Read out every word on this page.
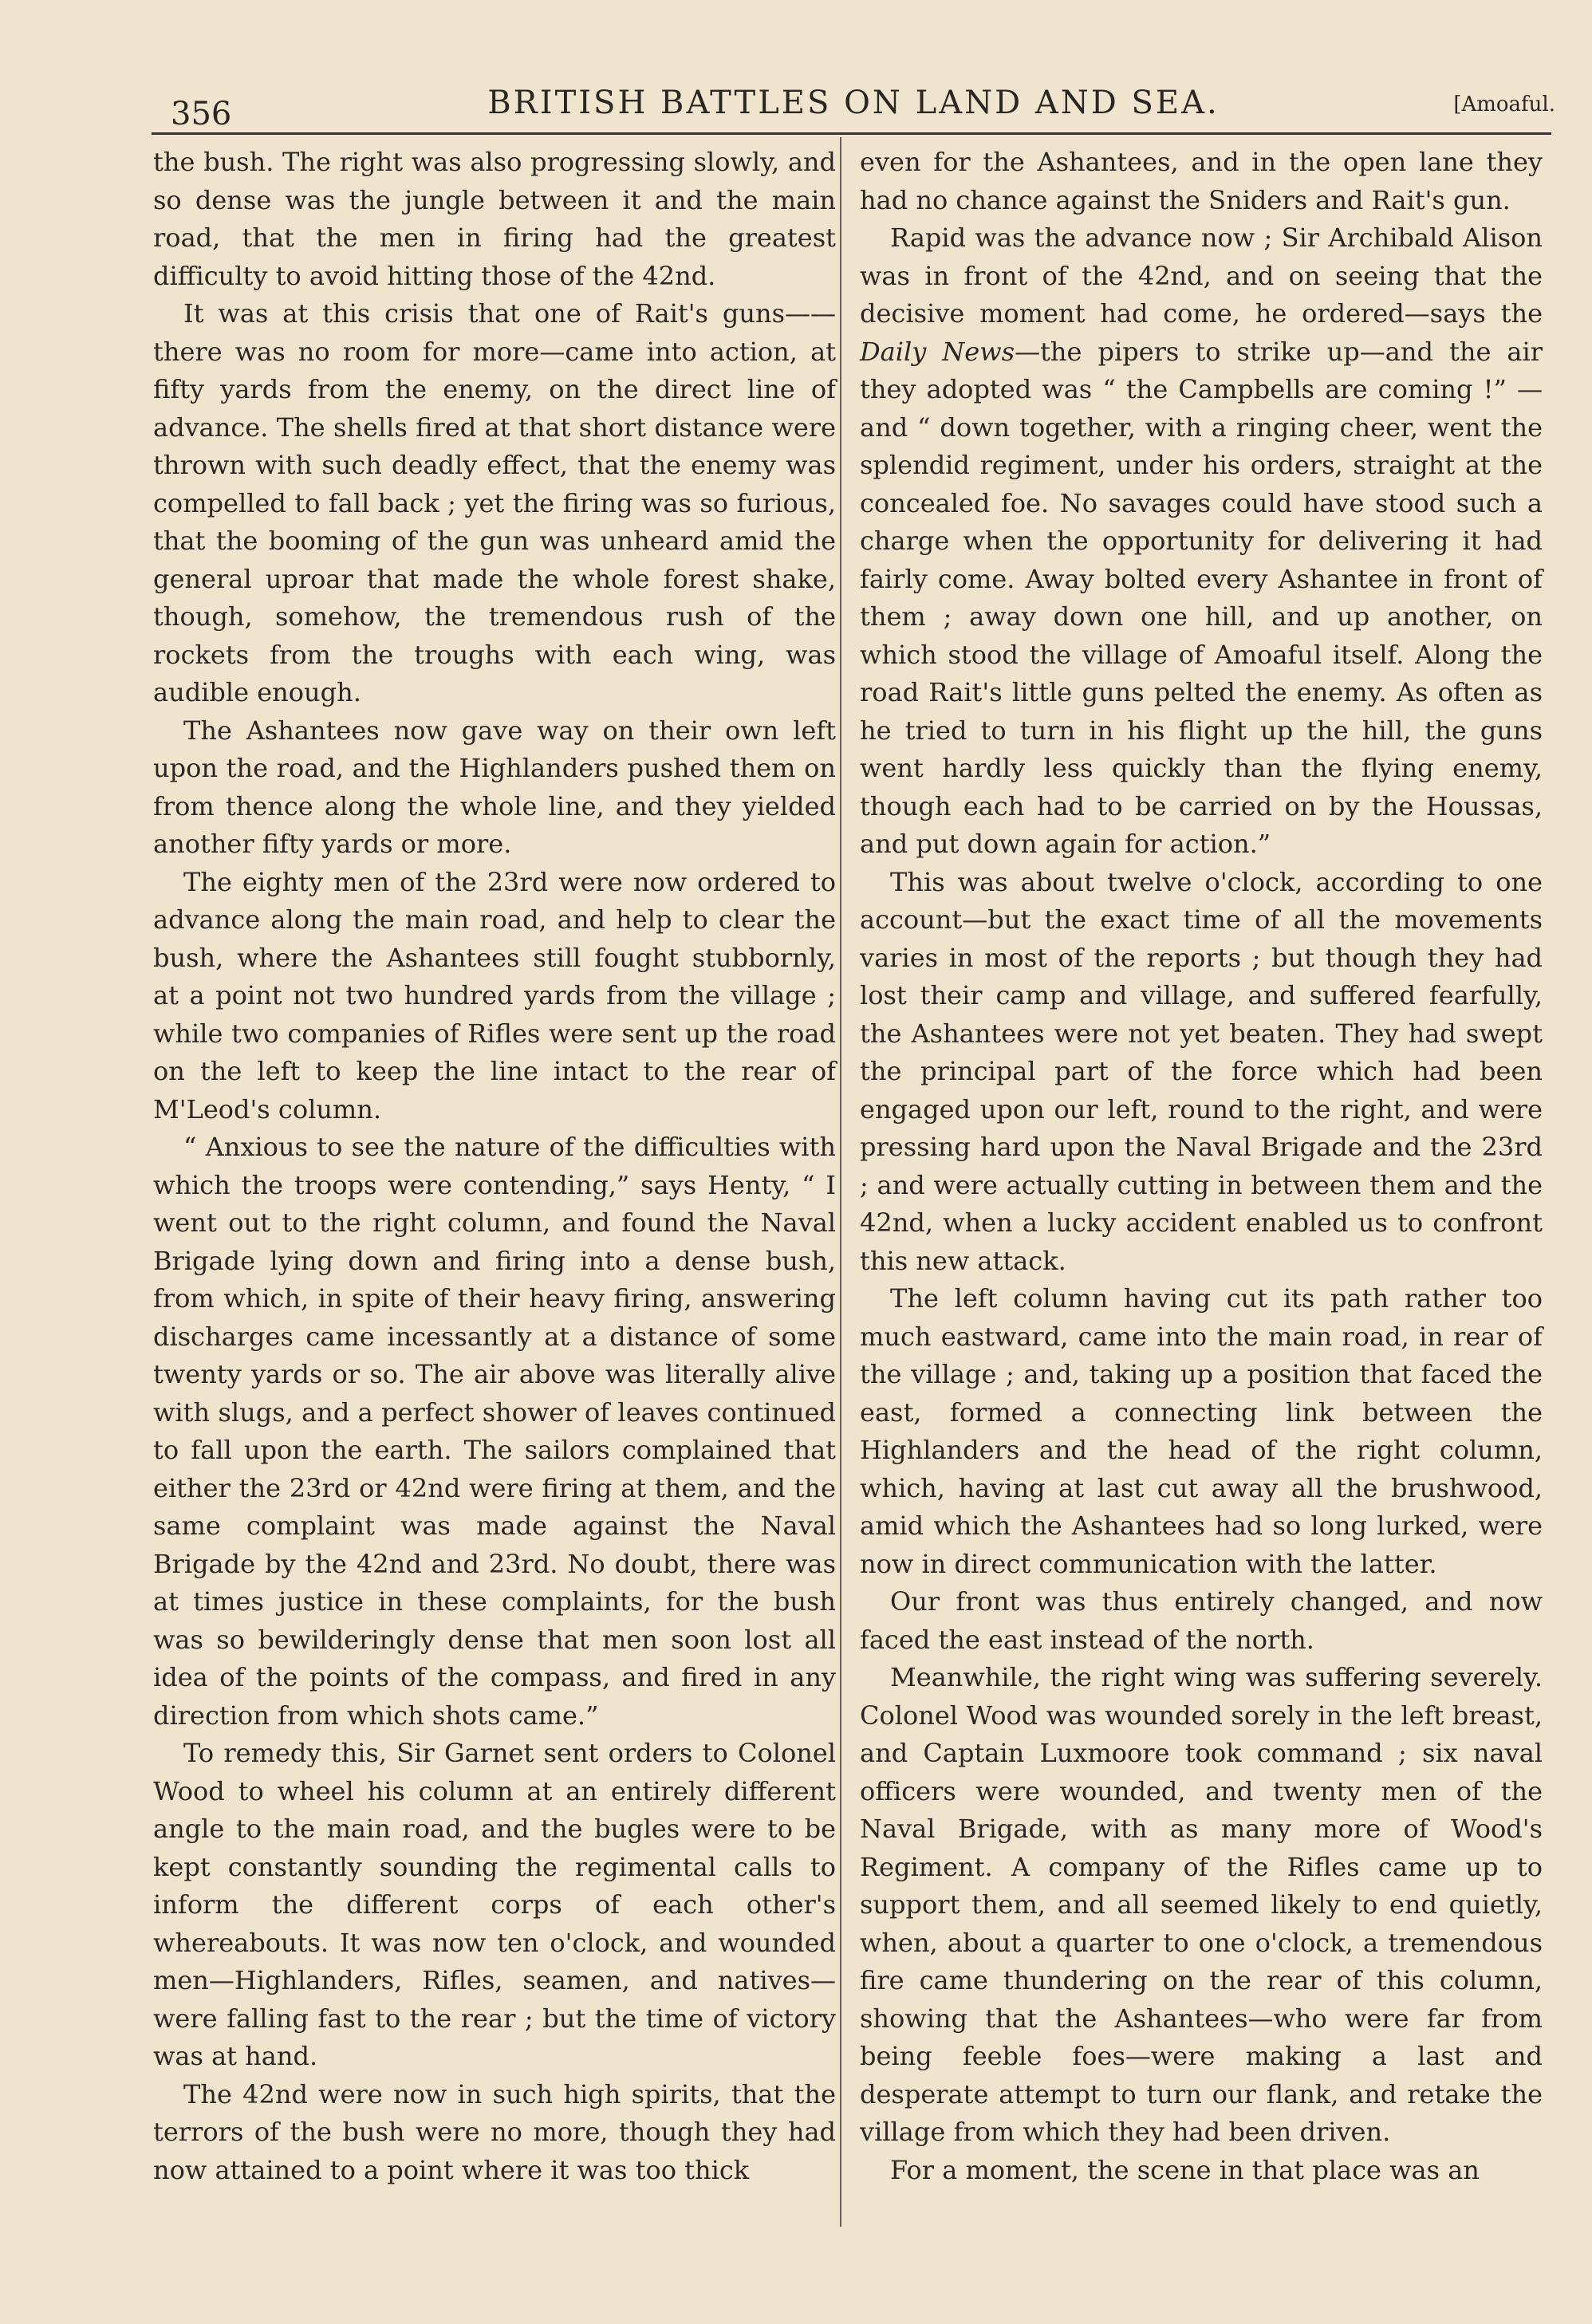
356	BRITISH BATTLES ON LAND AND SEA.	[Amoaful.

the bush. The right was also progressing slowly, and so dense was the jungle between it and the main road, that the men in firing had the greatest difficulty to avoid hitting those of the 42nd.

It was at this crisis that one of Rait's guns——there was no room for more—came into action, at fifty yards from the enemy, on the direct line of advance. The shells fired at that short distance were thrown with such deadly effect, that the enemy was compelled to fall back ; yet the firing was so furious, that the booming of the gun was unheard amid the general uproar that made the whole forest shake, though, somehow, the tremendous rush of the rockets from the troughs with each wing, was audible enough.

The Ashantees now gave way on their own left upon the road, and the Highlanders pushed them on from thence along the whole line, and they yielded another fifty yards or more.

The eighty men of the 23rd were now ordered to advance along the main road, and help to clear the bush, where the Ashantees still fought stubbornly, at a point not two hundred yards from the village ; while two companies of Rifles were sent up the road on the left to keep the line intact to the rear of M'Leod's column.

“ Anxious to see the nature of the difficulties with which the troops were contending,” says Henty, “ I went out to the right column, and found the Naval Brigade lying down and firing into a dense bush, from which, in spite of their heavy firing, answering discharges came incessantly at a distance of some twenty yards or so. The air above was literally alive with slugs, and a perfect shower of leaves continued to fall upon the earth. The sailors complained that either the 23rd or 42nd were firing at them, and the same complaint was made against the Naval Brigade by the 42nd and 23rd. No doubt, there was at times justice in these complaints, for the bush was so bewilderingly dense that men soon lost all idea of the points of the compass, and fired in any direction from which shots came.”

To remedy this, Sir Garnet sent orders to Colonel Wood to wheel his column at an entirely different angle to the main road, and the bugles were to be kept constantly sounding the regimental calls to inform the different corps of each other's whereabouts. It was now ten o'clock, and wounded men—Highlanders, Rifles, seamen, and natives—were falling fast to the rear ; but the time of victory was at hand.

The 42nd were now in such high spirits, that the terrors of the bush were no more, though they had now attained to a point where it was too thick

even for the Ashantees, and in the open lane they had no chance against the Sniders and Rait's gun.

Rapid was the advance now ; Sir Archibald Alison was in front of the 42nd, and on seeing that the decisive moment had come, he ordered—says the Daily News—the pipers to strike up—and the air they adopted was “ the Campbells are coming !” —and “ down together, with a ringing cheer, went the splendid regiment, under his orders, straight at the concealed foe. No savages could have stood such a charge when the opportunity for delivering it had fairly come. Away bolted every Ashantee in front of them ; away down one hill, and up another, on which stood the village of Amoaful itself. Along the road Rait's little guns pelted the enemy. As often as he tried to turn in his flight up the hill, the guns went hardly less quickly than the flying enemy, though each had to be carried on by the Houssas, and put down again for action.”

This was about twelve o'clock, according to one account—but the exact time of all the movements varies in most of the reports ; but though they had lost their camp and village, and suffered fearfully, the Ashantees were not yet beaten. They had swept the principal part of the force which had been engaged upon our left, round to the right, and were pressing hard upon the Naval Brigade and the 23rd ; and were actually cutting in between them and the 42nd, when a lucky accident enabled us to confront this new attack.

The left column having cut its path rather too much eastward, came into the main road, in rear of the village ; and, taking up a position that faced the east, formed a connecting link between the Highlanders and the head of the right column, which, having at last cut away all the brushwood, amid which the Ashantees had so long lurked, were now in direct communication with the latter.

Our front was thus entirely changed, and now faced the east instead of the north.

Meanwhile, the right wing was suffering severely. Colonel Wood was wounded sorely in the left breast, and Captain Luxmoore took command ; six naval officers were wounded, and twenty men of the Naval Brigade, with as many more of Wood's Regiment. A company of the Rifles came up to support them, and all seemed likely to end quietly, when, about a quarter to one o'clock, a tremendous fire came thundering on the rear of this column, showing that the Ashantees—who were far from being feeble foes—were making a last and desperate attempt to turn our flank, and retake the village from which they had been driven.

For a moment, the scene in that place was an
